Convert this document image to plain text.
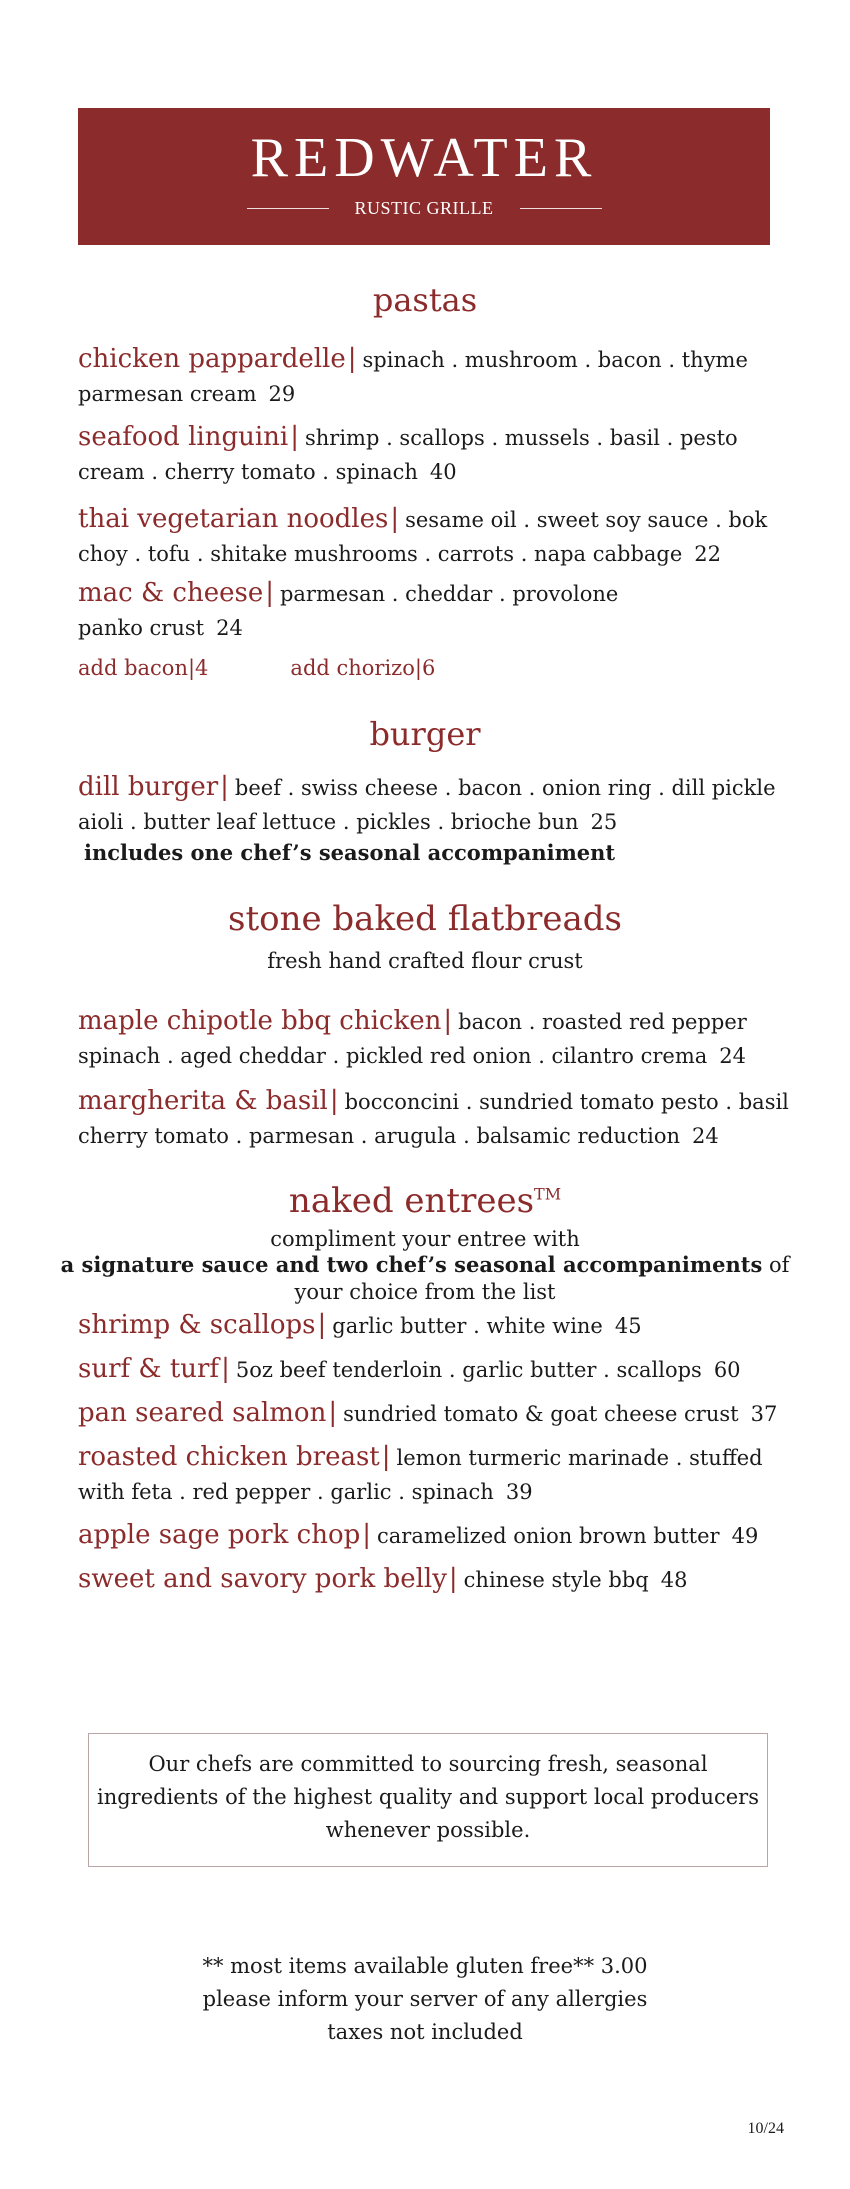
REDWATER
RUSTIC GRILLE
pastas
chicken pappardelle| spinach . mushroom . bacon . thyme parmesan cream 29
seafood linguini| shrimp . scallops . mussels . basil . pesto cream . cherry tomato . spinach 40
thai vegetarian noodles| sesame oil . sweet soy sauce . bok choy . tofu . shitake mushrooms . carrots . napa cabbage 22
mac & cheese| parmesan . cheddar . provolone panko crust 24
add bacon|4	add chorizo|6
burger
dill burger| beef . swiss cheese . bacon . onion ring . dill pickle aioli . butter leaf lettuce . pickles . brioche bun 25
includes one chef’s seasonal accompaniment
stone baked flatbreads
fresh hand crafted flour crust
maple chipotle bbq chicken| bacon . roasted red pepper spinach . aged cheddar . pickled red onion . cilantro crema 24
margherita & basil| bocconcini . sundried tomato pesto . basil cherry tomato . parmesan . arugula . balsamic reduction 24
naked entrees™
compliment your entree with
a signature sauce and two chef’s seasonal accompaniments of
your choice from the list
shrimp & scallops| garlic butter . white wine 45
surf & turf| 5oz beef tenderloin . garlic butter . scallops 60
pan seared salmon| sundried tomato & goat cheese crust 37
roasted chicken breast| lemon turmeric marinade . stuffed with feta . red pepper . garlic . spinach 39
apple sage pork chop| caramelized onion brown butter 49
sweet and savory pork belly| chinese style bbq 48
Our chefs are committed to sourcing fresh, seasonal ingredients of the highest quality and support local producers whenever possible.
** most items available gluten free** 3.00
please inform your server of any allergies
taxes not included
10/24
